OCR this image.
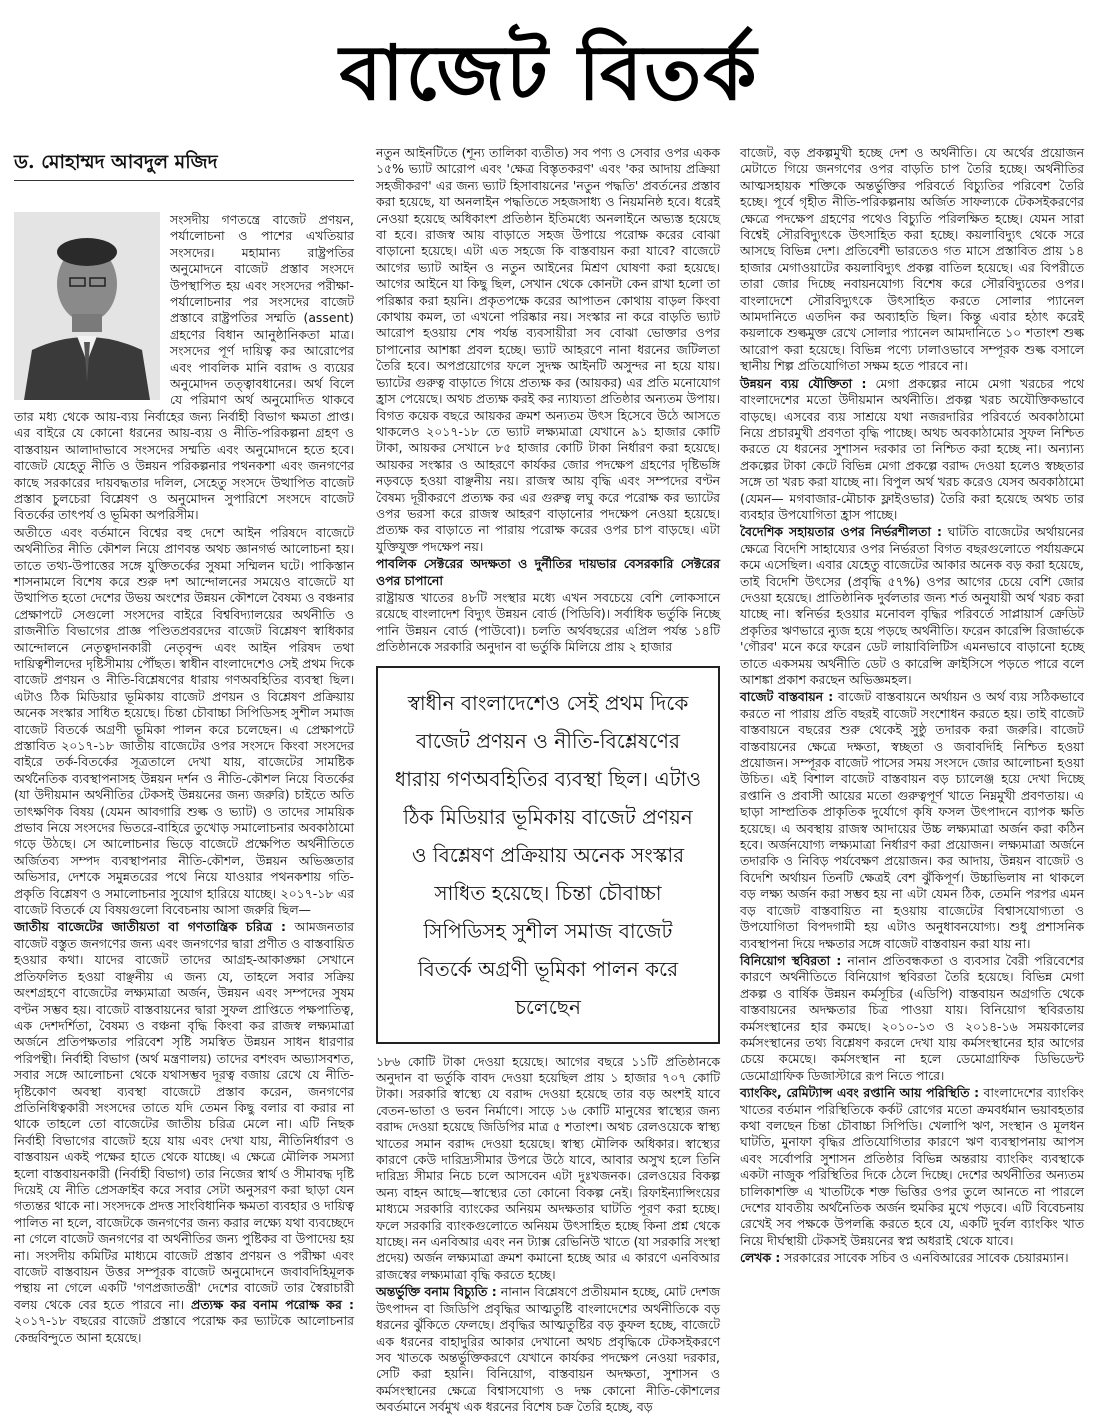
বাজেট বিতর্ক
ড. মোহাম্মদ আবদুল মজিদ

সংসদীয় গণতন্ত্রে বাজেট প্রণয়ন, পর্যালোচনা ও পাশের এখতিয়ার সংসদের। মহামান্য রাষ্ট্রপতির অনুমোদনে বাজেট প্রস্তাব সংসদে উপস্থাপিত হয় এবং সংসদের পরীক্ষা-পর্যালোচনার পর সংসদের বাজেট প্রস্তাবে রাষ্ট্রপতির সম্মতি (assent) গ্রহণের বিধান আনুষ্ঠানিকতা মাত্র। সংসদের পূর্ণ দায়িত্ব কর আরোপের এবং পাবলিক মানি বরাদ্দ ও ব্যয়ের অনুমোদন তত্ত্বাবধানের। অর্থ বিলে যে পরিমাণ অর্থ অনুমোদিত থাকবে তার মধ্য থেকে আয়-ব্যয় নির্বাহের জন্য নির্বাহী বিভাগ ক্ষমতা প্রাপ্ত। এর বাইরে যে কোনো ধরনের আয়-ব্যয় ও নীতি-পরিকল্পনা গ্রহণ ও বাস্তবায়ন আলাদাভাবে সংসদের সম্মতি এবং অনুমোদনে হতে হবে। বাজেট যেহেতু নীতি ও উন্নয়ন পরিকল্পনার পথনকশা এবং জনগণের কাছে সরকারের দায়বদ্ধতার দলিল, সেহেতু সংসদে উত্থাপিত বাজেট প্রস্তাব চুলচেরা বিশ্লেষণ ও অনুমোদন সুপারিশে সংসদে বাজেট বিতর্কের তাৎপর্য ও ভূমিকা অপরিসীম।

অতীতে এবং বর্তমানে বিশ্বের বহু দেশে আইন পরিষদে বাজেটে অর্থনীতির নীতি কৌশল নিয়ে প্রাণবন্ত অথচ জ্ঞানগর্ভ আলোচনা হয়। তাতে তথ্য-উপাত্তের সঙ্গে যুক্তিতর্কের সুষমা সম্মিলন ঘটে। পাকিস্তান শাসনামলে বিশেষ করে শুরু দশ আন্দোলনের সময়েও বাজেটে যা উত্থাপিত হতো দেশের উভয় অংশের উন্নয়ন কৌশলে বৈষম্য ও বঞ্চনার প্রেক্ষাপটে সেগুলো সংসদের বাইরে বিশ্ববিদ্যালয়ের অর্থনীতি ও রাজনীতি বিভাগের প্রাজ্ঞ পণ্ডিতপ্রবরদের বাজেট বিশ্লেষণ স্বাধিকার আন্দোলনে নেতৃত্বদানকারী নেতৃবৃন্দ এবং আইন পরিষদ তথা দায়িত্বশীলদের দৃষ্টিসীমায় পৌঁছত। স্বাধীন বাংলাদেশেও সেই প্রথম দিকে বাজেট প্রণয়ন ও নীতি-বিশ্লেষণের ধারায় গণঅবহিতির ব্যবস্থা ছিল। এটাও ঠিক মিডিয়ার ভূমিকায় বাজেট প্রণয়ন ও বিশ্লেষণ প্রক্রিয়ায় অনেক সংস্কার সাধিত হয়েছে। চিন্তা চৌবাচ্চা সিপিডিসহ সুশীল সমাজ বাজেট বিতর্কে অগ্রণী ভূমিকা পালন করে চলেছেন। এ প্রেক্ষাপটে প্রস্তাবিত ২০১৭-১৮ জাতীয় বাজেটের ওপর সংসদে কিংবা সংসদের বাইরে তর্ক-বিতর্কের সূত্রতালে দেখা যায়, বাজেটের সামষ্টিক অর্থনৈতিক ব্যবস্থাপনাসহ উন্নয়ন দর্শন ও নীতি-কৌশল নিয়ে বিতর্কের (যা উদীয়মান অর্থনীতির টেকসই উন্নয়নের জন্য জরুরি) চাইতে অতি তাৎক্ষণিক বিষয় (যেমন আবগারি শুল্ক ও ভ্যাট) ও তাদের সাময়িক প্রভাব নিয়ে সংসদের ভিতরে-বাহিরে তুখোড় সমালোচনার অবকাঠামো গড়ে উঠছে। সে আলোচনার ভিড়ে বাজেটে প্রক্ষেপিত অর্থনীতিতে অর্জিতব্য সম্পদ ব্যবস্থাপনার নীতি-কৌশল, উন্নয়ন অভিজ্ঞতার অভিসার, দেশকে সমুন্নতরের পথে নিয়ে যাওয়ার পথনকশায় গতি-প্রকৃতি বিশ্লেষণ ও সমালোচনার সুযোগ হারিয়ে যাচ্ছে। ২০১৭-১৮ এর বাজেট বিতর্কে যে বিষয়গুলো বিবেচনায় আসা জরুরি ছিল—

জাতীয় বাজেটের জাতীয়তা বা গণতান্ত্রিক চরিত্র : আমজনতার বাজেট বস্তুত জনগণের জন্য এবং জনগণের দ্বারা প্রণীত ও বাস্তবায়িত হওয়ার কথা। যাদের বাজেট তাদের আগ্রহ-আকাঙ্ক্ষা সেখানে প্রতিফলিত হওয়া বাঞ্ছনীয় এ জন্য যে, তাহলে সবার সক্রিয় অংশগ্রহণে বাজেটের লক্ষ্যমাত্রা অর্জন, উন্নয়ন এবং সম্পদের সুষম বণ্টন সম্ভব হয়। বাজেট বাস্তবায়নের দ্বারা সুফল প্রাপ্তিতে পক্ষপাতিত্ব, এক দেশদর্শিতা, বৈষম্য ও বঞ্চনা বৃদ্ধি কিংবা কর রাজস্ব লক্ষ্যমাত্রা অর্জনে প্রতিপক্ষতার পরিবেশ সৃষ্টি সমস্বিত উন্নয়ন সাধন ধারণার পরিপন্থী। নির্বাহী বিভাগ (অর্থ মন্ত্রণালয়) তাদের বশংবদ অভ্যাসবশত, সবার সঙ্গে আলোচনা থেকে যথাসম্ভব দূরত্ব বজায় রেখে যে নীতি-দৃষ্টিকোণ অবস্থা ব্যবস্থা বাজেটে প্রস্তাব করেন, জনগণের প্রতিনিধিত্বকারী সংসদের তাতে যদি তেমন কিছু বলার বা করার না থাকে তাহলে তো বাজেটের জাতীয় চরিত্র মেলে না। এটি নিছক নির্বাহী বিভাগের বাজেট হয়ে যায় এবং দেখা যায়, নীতিনির্ধারণ ও বাস্তবায়ন একই পক্ষের হাতে থেকে যাচ্ছে। এ ক্ষেত্রে মৌলিক সমস্যা হলো বাস্তবায়নকারী (নির্বাহী বিভাগ) তার নিজের স্বার্থ ও সীমাবদ্ধ দৃষ্টি দিয়েই যে নীতি প্রেসক্রাইব করে সবার সেটা অনুসরণ করা ছাড়া যেন গত্যন্তর থাকে না। সংসদকে প্রদত্ত সাংবিধানিক ক্ষমতা ব্যবহার ও দায়িত্ব পালিত না হলে, বাজেটকে জনগণের জন্য করার লক্ষ্যে যথা ব্যবচ্ছেদে না গেলে বাজেট জনগণের বা অর্থনীতির জন্য পুষ্টিকর বা উপাদেয় হয় না। সংসদীয় কমিটির মাধ্যমে বাজেট প্রস্তাব প্রণয়ন ও পরীক্ষা এবং বাজেট বাস্তবায়ন উত্তর সম্পূরক বাজেট অনুমোদনে জবাবদিহিমূলক পন্থায় না গেলে একটি 'গণপ্রজাতন্ত্রী' দেশের বাজেট তার স্বৈরাচারী বলয় থেকে বের হতে পারবে না। প্রত্যক্ষ কর বনাম পরোক্ষ কর : ২০১৭-১৮ বছরের বাজেট প্রস্তাবে পরোক্ষ কর ভ্যাটকে আলোচনার কেন্দ্রবিন্দুতে আনা হয়েছে।

নতুন আইনটিতে (শূন্য তালিকা ব্যতীত) সব পণ্য ও সেবার ওপর একক ১৫% ভ্যাট আরোপ এবং 'ক্ষেত্র বিস্তৃতকরণ' এবং 'কর আদায় প্রক্রিয়া সহজীকরণ' এর জন্য ভ্যাট হিসাবায়নের 'নতুন পদ্ধতি' প্রবর্তনের প্রস্তাব করা হয়েছে, যা অনলাইন পদ্ধতিতে সহজসাধ্য ও নিয়মনিষ্ঠ হবে। ধরেই নেওয়া হয়েছে অধিকাংশ প্রতিষ্ঠান ইতিমধ্যে অনলাইনে অভ্যস্ত হয়েছে বা হবে। রাজস্ব আয় বাড়াতে সহজ উপায়ে পরোক্ষ করের বোঝা বাড়ানো হয়েছে। এটা এত সহজে কি বাস্তবায়ন করা যাবে? বাজেটে আগের ভ্যাট আইন ও নতুন আইনের মিশ্রণ ঘোষণা করা হয়েছে। আগের আইনে যা কিছু ছিল, সেখান থেকে কোনটা কেন রাখা হলো তা পরিষ্কার করা হয়নি। প্রকৃতপক্ষে করের আপাতন কোথায় বাড়ল কিংবা কোথায় কমল, তা এখনো পরিষ্কার নয়। সংস্কার না করে বাড়তি ভ্যাট আরোপ হওয়ায় শেষ পর্যন্ত ব্যবসায়ীরা সব বোঝা ভোক্তার ওপর চাপানোর আশঙ্কা প্রবল হচ্ছে। ভ্যাট আহরণে নানা ধরনের জটিলতা তৈরি হবে। অপপ্রয়োগের ফলে সুদক্ষ আইনটি অসুন্দর না হয়ে যায়। ভ্যাটের গুরুত্ব বাড়াতে গিয়ে প্রত্যক্ষ কর (আয়কর) এর প্রতি মনোযোগ হ্রাস পেয়েছে। অথচ প্রত্যক্ষ করই কর ন্যায্যতা প্রতিষ্ঠার অন্যতম উপায়। বিগত কয়েক বছরে আয়কর ক্রমশ অন্যতম উৎস হিসেবে উঠে আসতে থাকলেও ২০১৭-১৮ তে ভ্যাট লক্ষ্যমাত্রা যেখানে ৯১ হাজার কোটি টাকা, আয়কর সেখানে ৮৫ হাজার কোটি টাকা নির্ধারণ করা হয়েছে। আয়কর সংস্কার ও আহরণে কার্যকর জোর পদক্ষেপ গ্রহণের দৃষ্টিভঙ্গি নড়বড়ে হওয়া বাঞ্ছনীয় নয়। রাজস্ব আয় বৃদ্ধি এবং সম্পদের বণ্টন বৈষম্য দূরীকরণে প্রত্যক্ষ কর এর গুরুত্ব লঘু করে পরোক্ষ কর ভ্যাটের ওপর ভরসা করে রাজস্ব আহরণ বাড়ানোর পদক্ষেপ নেওয়া হয়েছে। প্রত্যক্ষ কর বাড়াতে না পারায় পরোক্ষ করের ওপর চাপ বাড়ছে। এটা যুক্তিযুক্ত পদক্ষেপ নয়।

পাবলিক সেক্টরের অদক্ষতা ও দুর্নীতির দায়ভার বেসরকারি সেক্টরের ওপর চাপানো

রাষ্ট্রায়ত্ত খাতের ৪৮টি সংস্থার মধ্যে এখন সবচেয়ে বেশি লোকসানে রয়েছে বাংলাদেশ বিদ্যুৎ উন্নয়ন বোর্ড (পিডিবি)। সর্বাধিক ভর্তুকি নিচ্ছে পানি উন্নয়ন বোর্ড (পাউবো)। চলতি অর্থবছরের এপ্রিল পর্যন্ত ১৪টি প্রতিষ্ঠানকে সরকারি অনুদান বা ভর্তুকি মিলিয়ে প্রায় ২ হাজার

স্বাধীন বাংলাদেশেও সেই প্রথম দিকে বাজেট প্রণয়ন ও নীতি-বিশ্লেষণের ধারায় গণঅবহিতির ব্যবস্থা ছিল। এটাও ঠিক মিডিয়ার ভূমিকায় বাজেট প্রণয়ন ও বিশ্লেষণ প্রক্রিয়ায় অনেক সংস্কার সাধিত হয়েছে। চিন্তা চৌবাচ্চা সিপিডিসহ সুশীল সমাজ বাজেট বিতর্কে অগ্রণী ভূমিকা পালন করে চলেছেন

১৮৬ কোটি টাকা দেওয়া হয়েছে। আগের বছরে ১১টি প্রতিষ্ঠানকে অনুদান বা ভর্তুকি বাবদ দেওয়া হয়েছিল প্রায় ১ হাজার ৭০৭ কোটি টাকা। সরকারি স্বাস্থ্যে যে বরাদ্দ দেওয়া হয়েছে তার বড় অংশই যাবে বেতন-ভাতা ও ভবন নির্মাণে। সাড়ে ১৬ কোটি মানুষের স্বাস্থ্যের জন্য বরাদ্দ দেওয়া হয়েছে জিডিপির মাত্র ৫ শতাংশ। অথচ রেলওয়েকে স্বাস্থ্য খাতের সমান বরাদ্দ দেওয়া হয়েছে। স্বাস্থ্য মৌলিক অধিকার। স্বাস্থ্যের কারণে কেউ দারিদ্র্যসীমার উপরে উঠে যাবে, আবার অসুখ হলে তিনি দারিদ্র্য সীমার নিচে চলে আসবেন এটা দুঃখজনক। রেলওয়ের বিকল্প অন্য বাহন আছে—স্বাস্থ্যের তো কোনো বিকল্প নেই। রিফাইন্যান্সিংয়ের মাধ্যমে সরকারি ব্যাংকের অনিয়ম অদক্ষতার ঘাটতি পূরণ করা হচ্ছে। ফলে সরকারি ব্যাংকগুলোতে অনিয়ম উৎসাহিত হচ্ছে কিনা প্রশ্ন থেকে যাচ্ছে। নন এনবিআর এবং নন ট্যাক্স রেভিনিউ খাতে (যা সরকারি সংস্থা প্রদেয়) অর্জন লক্ষ্যমাত্রা ক্রমশ কমানো হচ্ছে আর এ কারণে এনবিআর রাজস্বের লক্ষ্যমাত্রা বৃদ্ধি করতে হচ্ছে।

অন্তর্ভুক্তি বনাম বিচ্যুতি : নানান বিশ্লেষণে প্রতীয়মান হচ্ছে, মোট দেশজ উৎপাদন বা জিডিপি প্রবৃদ্ধির আত্মতুষ্টি বাংলাদেশের অর্থনীতিকে বড় ধরনের ঝুঁকিতে ফেলছে। প্রবৃদ্ধির আত্মতুষ্টির বড় কুফল হচ্ছে, বাজেটে এক ধরনের বাহাদুরির আকার দেখানো অথচ প্রবৃদ্ধিকে টেকসইকরণে সব খাতকে অন্তর্ভুক্তিকরণে যেখানে কার্যকর পদক্ষেপ নেওয়া দরকার, সেটি করা হয়নি। বিনিয়োগ, বাস্তবায়ন অদক্ষতা, সুশাসন ও কর্মসংস্থানের ক্ষেত্রে বিশ্বাসযোগ্য ও দক্ষ কোনো নীতি-কৌশলের অবর্তমানে সর্বমুখ এক ধরনের বিশেষ চক্র তৈরি হচ্ছে, বড়

বাজেট, বড় প্রকল্পমুখী হচ্ছে দেশ ও অর্থনীতি। যে অর্থের প্রয়োজন মেটাতে গিয়ে জনগণের ওপর বাড়তি চাপ তৈরি হচ্ছে। অর্থনীতির আত্মসহায়ক শক্তিকে অন্তর্ভুক্তির পরিবর্তে বিচ্যুতির পরিবেশ তৈরি হচ্ছে। পূর্বে গৃহীত নীতি-পরিকল্পনায় অর্জিত সাফল্যকে টেকসইকরণের ক্ষেত্রে পদক্ষেপ গ্রহণের পথেও বিচ্যুতি পরিলক্ষিত হচ্ছে। যেমন সারা বিশ্বেই সৌরবিদ্যুৎকে উৎসাহিত করা হচ্ছে। কয়লাবিদ্যুৎ থেকে সরে আসছে বিভিন্ন দেশ। প্রতিবেশী ভারতেও গত মাসে প্রস্তাবিত প্রায় ১৪ হাজার মেগাওয়াটের কয়লাবিদ্যুৎ প্রকল্প বাতিল হয়েছে। এর বিপরীতে তারা জোর দিচ্ছে নবায়নযোগ্য বিশেষ করে সৌরবিদ্যুতের ওপর। বাংলাদেশে সৌরবিদ্যুৎকে উৎসাহিত করতে সোলার প্যানেল আমদানিতে এতদিন কর অব্যাহতি ছিল। কিন্তু এবার হঠাৎ করেই কয়লাকে শুল্কমুক্ত রেখে সোলার প্যানেল আমদানিতে ১০ শতাংশ শুল্ক আরোপ করা হয়েছে। বিভিন্ন পণ্যে ঢালাওভাবে সম্পূরক শুল্ক বসালে স্থানীয় শিল্প প্রতিযোগিতা সক্ষম হতে পারবে না।

উন্নয়ন ব্যয় যৌক্তিতা : মেগা প্রকল্পের নামে মেগা খরচের পথে বাংলাদেশের মতো উদীয়মান অর্থনীতি। প্রকল্প খরচ অযৌক্তিকভাবে বাড়ছে। এসবের ব্যয় সাশ্রয়ে যথা নজরদারির পরিবর্তে অবকাঠামো নিয়ে প্রচারমুখী প্রবণতা বৃদ্ধি পাচ্ছে। অথচ অবকাঠামোর সুফল নিশ্চিত করতে যে ধরনের সুশাসন দরকার তা নিশ্চিত করা হচ্ছে না। অন্যান্য প্রকল্পের টাকা কেটে বিভিন্ন মেগা প্রকল্পে বরাদ্দ দেওয়া হলেও স্বচ্ছতার সঙ্গে তা খরচ করা যাচ্ছে না। বিপুল অর্থ খরচ করেও যেসব অবকাঠামো (যেমন— মগবাজার-মৌচাক ফ্লাইওভার) তৈরি করা হয়েছে অথচ তার ব্যবহার উপযোগিতা হ্রাস পাচ্ছে।

বৈদেশিক সহায়তার ওপর নির্ভরশীলতা : ঘাটতি বাজেটের অর্থায়নের ক্ষেত্রে বিদেশি সাহায্যের ওপর নির্ভরতা বিগত বছরগুলোতে পর্যায়ক্রমে কমে এসেছিল। এবার যেহেতু বাজেটের আকার অনেক বড় করা হয়েছে, তাই বিদেশি উৎসের (প্রবৃদ্ধি ৫৭%) ওপর আগের চেয়ে বেশি জোর দেওয়া হয়েছে। প্রাতিষ্ঠানিক দুর্বলতার জন্য শর্ত অনুযায়ী অর্থ খরচ করা যাচ্ছে না। স্বনির্ভর হওয়ার মনোবল বৃদ্ধির পরিবর্তে সাপ্লায়ার্স ক্রেডিট প্রকৃতির ঋণভারে ন্যুজ হয়ে পড়ছে অর্থনীতি। ফরেন কারেন্সি রিজার্ভকে 'গৌরব' মনে করে ফরেন ডেট লায়াবিলিটিস এমনভাবে বাড়ানো হচ্ছে তাতে একসময় অর্থনীতি ডেট ও কারেন্সি ক্রাইসিসে পড়তে পারে বলে আশঙ্কা প্রকাশ করছেন অভিজ্ঞমহল।

বাজেট বাস্তবায়ন : বাজেট বাস্তবায়নে অর্থায়ন ও অর্থ ব্যয় সঠিকভাবে করতে না পারায় প্রতি বছরই বাজেট সংশোধন করতে হয়। তাই বাজেট বাস্তবায়নে বছরের শুরু থেকেই সুষ্ঠু তদারক করা জরুরি। বাজেট বাস্তবায়নের ক্ষেত্রে দক্ষতা, স্বচ্ছতা ও জবাবদিহি নিশ্চিত হওয়া প্রয়োজন। সম্পূরক বাজেট পাসের সময় সংসদে জোর আলোচনা হওয়া উচিত। এই বিশাল বাজেট বাস্তবায়ন বড় চ্যালেঞ্জ হয়ে দেখা দিচ্ছে রপ্তানি ও প্রবাসী আয়ের মতো গুরুত্বপূর্ণ খাতে নিম্নমুখী প্রবণতায়। এ ছাড়া সাম্প্রতিক প্রাকৃতিক দুর্যোগে কৃষি ফসল উৎপাদনে ব্যাপক ক্ষতি হয়েছে। এ অবস্থায় রাজস্ব আদায়ের উচ্চ লক্ষ্যমাত্রা অর্জন করা কঠিন হবে। অর্জনযোগ্য লক্ষ্যমাত্রা নির্ধারণ করা প্রয়োজন। লক্ষ্যমাত্রা অর্জনে তদারকি ও নিবিড় পর্যবেক্ষণ প্রয়োজন। কর আদায়, উন্নয়ন বাজেট ও বিদেশি অর্থায়ন তিনটি ক্ষেত্রই বেশ ঝুঁকিপূর্ণ। উচ্চাভিলাষ না থাকলে বড় লক্ষ্য অর্জন করা সম্ভব হয় না এটা যেমন ঠিক, তেমনি পরপর এমন বড় বাজেট বাস্তবায়িত না হওয়ায় বাজেটের বিশ্বাসযোগ্যতা ও উপযোগিতা বিপদগামী হয় এটাও অনুধাবনযোগ্য। শুধু প্রশাসনিক ব্যবস্থাপনা দিয়ে দক্ষতার সঙ্গে বাজেট বাস্তবায়ন করা যায় না।

বিনিয়োগ স্থবিরতা : নানান প্রতিবন্ধকতা ও ব্যবসার বৈরী পরিবেশের কারণে অর্থনীতিতে বিনিয়োগ স্থবিরতা তৈরি হয়েছে। বিভিন্ন মেগা প্রকল্প ও বার্ষিক উন্নয়ন কর্মসূচির (এডিপি) বাস্তবায়ন অগ্রগতি থেকে বাস্তবায়নের অদক্ষতার চিত্র পাওয়া যায়। বিনিয়োগ স্থবিরতায় কর্মসংস্থানের হার কমছে। ২০১০-১৩ ও ২০১৪-১৬ সময়কালের কর্মসংস্থানের তথ্য বিশ্লেষণ করলে দেখা যায় কর্মসংস্থানের হার আগের চেয়ে কমেছে। কর্মসংস্থান না হলে ডেমোগ্রাফিক ডিভিডেন্ট ডেমোগ্রাফিক ডিজাস্টারে রূপ নিতে পারে।

ব্যাংকিং, রেমিট্যান্স এবং রপ্তানি আয় পরিস্থিতি : বাংলাদেশের ব্যাংকিং খাতের বর্তমান পরিস্থিতিকে কর্কট রোগের মতো ক্রমবর্ধমান ভয়াবহতার কথা বলছেন চিন্তা চৌবাচ্চা সিপিডি। খেলাপি ঋণ, সংস্থান ও মূলধন ঘাটতি, মুনাফা বৃদ্ধির প্রতিযোগিতার কারণে ঋণ ব্যবস্থাপনায় আপস এবং সর্বোপরি সুশাসন প্রতিষ্ঠার বিভিন্ন অন্তরায় ব্যাংকিং ব্যবস্থাকে একটা নাজুক পরিস্থিতির দিকে ঠেলে দিচ্ছে। দেশের অর্থনীতির অন্যতম চালিকাশক্তি এ খাতটিকে শক্ত ভিত্তির ওপর তুলে আনতে না পারলে দেশের যাবতীয় অর্থনৈতিক অর্জন হুমকির মুখে পড়বে। এটি বিবেচনায় রেখেই সব পক্ষকে উপলব্ধি করতে হবে যে, একটি দুর্বল ব্যাংকিং খাত নিয়ে দীর্ঘস্থায়ী টেকসই উন্নয়নের স্বপ্ন অধরাই থেকে যাবে।

লেখক : সরকারের সাবেক সচিব ও এনবিআরের সাবেক চেয়ারম্যান।
